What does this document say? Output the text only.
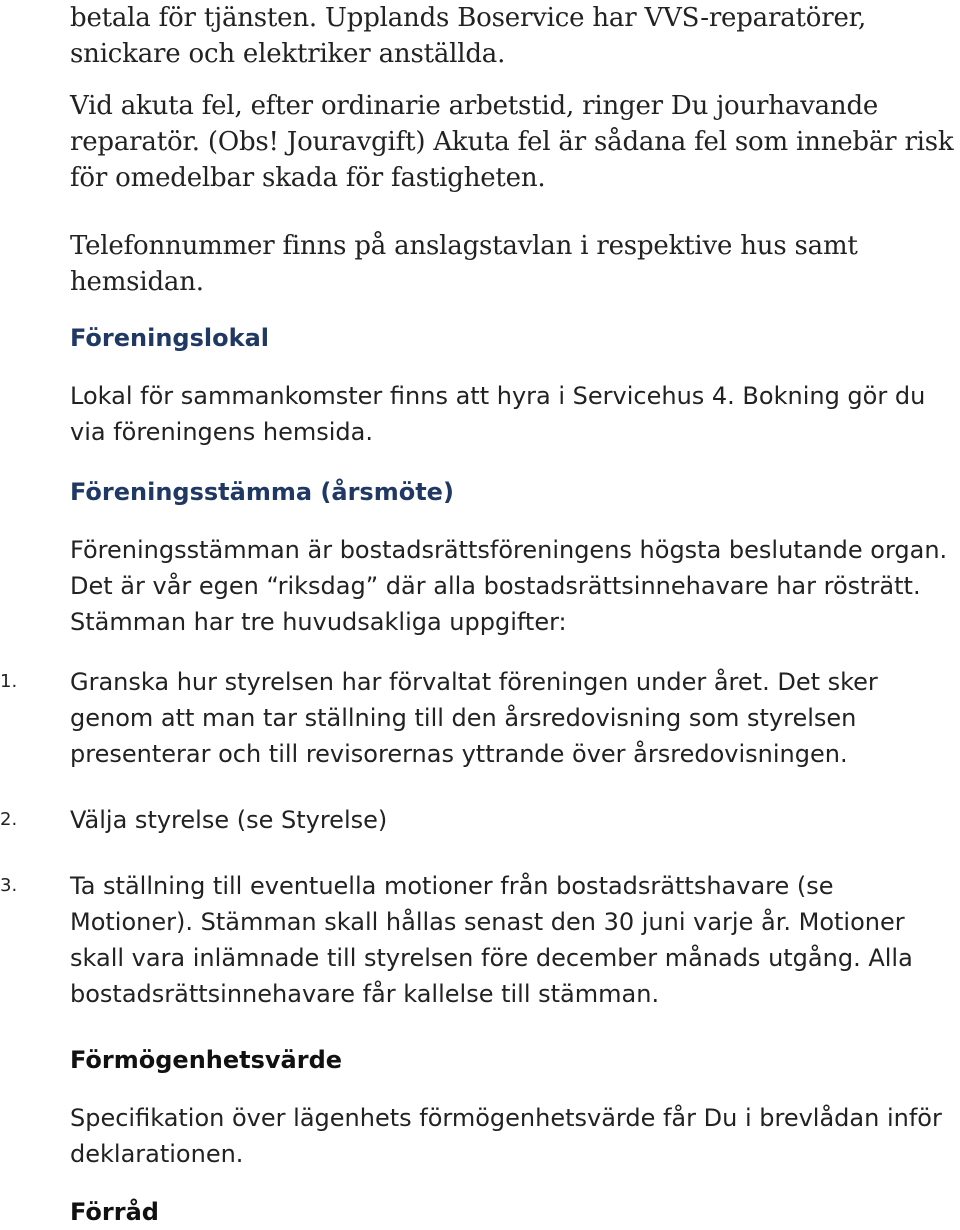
betala för tjänsten. Upplands Boservice har VVS-reparatörer, snickare och elektriker anställda.

Vid akuta fel, efter ordinarie arbetstid, ringer Du jourhavande reparatör. (Obs! Jouravgift) Akuta fel är sådana fel som innebär risk för omedelbar skada för fastigheten.

Telefonnummer finns på anslagstavlan i respektive hus samt hemsidan.

Föreningslokal

Lokal för sammankomster finns att hyra i Servicehus 4. Bokning gör du via föreningens hemsida.

Föreningsstämma (årsmöte)

Föreningsstämman är bostadsrättsföreningens högsta beslutande organ. Det är vår egen “riksdag” där alla bostadsrättsinnehavare har rösträtt. Stämman har tre huvudsakliga uppgifter:

1.	Granska hur styrelsen har förvaltat föreningen under året. Det sker genom att man tar ställning till den årsredovisning som styrelsen presenterar och till revisorernas yttrande över årsredovisningen.

2.	Välja styrelse (se Styrelse)

3.	Ta ställning till eventuella motioner från bostadsrättshavare (se Motioner). Stämman skall hållas senast den 30 juni varje år. Motioner skall vara inlämnade till styrelsen före december månads utgång. Alla bostadsrättsinnehavare får kallelse till stämman.

Förmögenhetsvärde

Specifikation över lägenhets förmögenhetsvärde får Du i brevlådan inför deklarationen.

Förråd
